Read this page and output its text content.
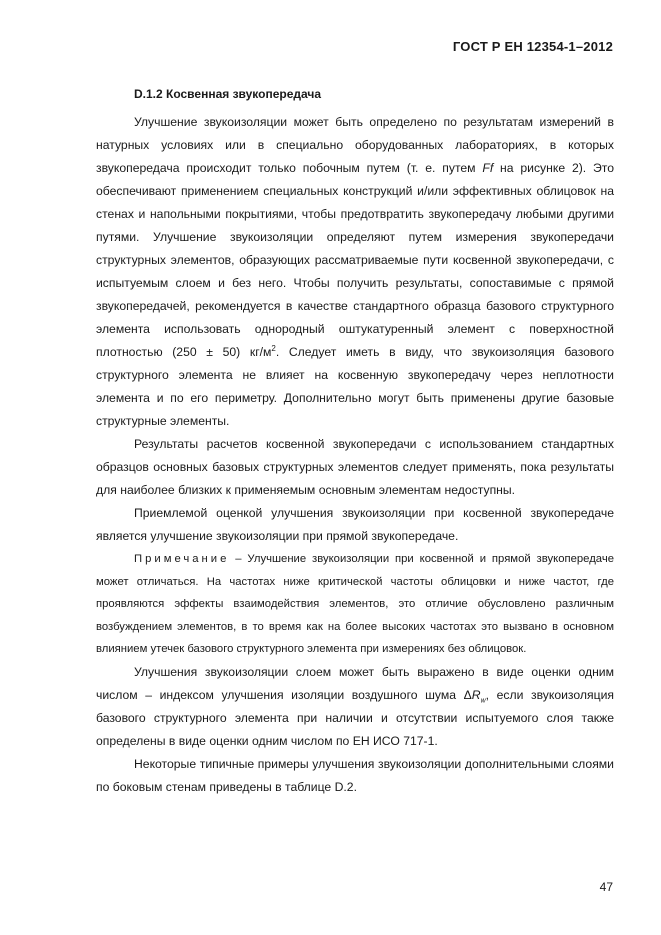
ГОСТ Р ЕН 12354-1–2012
D.1.2 Косвенная звукопередача

Улучшение звукоизоляции может быть определено по результатам измерений в натурных условиях или в специально оборудованных лабораториях, в которых звукопередача происходит только побочным путем (т. е. путем Ff на рисунке 2). Это обеспечивают применением специальных конструкций и/или эффективных облицовок на стенах и напольными покрытиями, чтобы предотвратить звукопередачу любыми другими путями. Улучшение звукоизоляции определяют путем измерения звукопередачи структурных элементов, образующих рассматриваемые пути косвенной звукопередачи, с испытуемым слоем и без него. Чтобы получить результаты, сопоставимые с прямой звукопередачей, рекомендуется в качестве стандартного образца базового структурного элемента использовать однородный оштукатуренный элемент с поверхностной плотностью (250 ± 50) $кг/м^2$. Следует иметь в виду, что звукоизоляция базового структурного элемента не влияет на косвенную звукопередачу через неплотности элемента и по его периметру. Дополнительно могут быть применены другие базовые структурные элементы.

Результаты расчетов косвенной звукопередачи с использованием стандартных образцов основных базовых структурных элементов следует применять, пока результаты для наиболее близких к применяемым основным элементам недоступны.

Приемлемой оценкой улучшения звукоизоляции при косвенной звукопередаче является улучшение звукоизоляции при прямой звукопередаче.

Примечание – Улучшение звукоизоляции при косвенной и прямой звукопередаче может отличаться. На частотах ниже критической частоты облицовки и ниже частот, где проявляются эффекты взаимодействия элементов, это отличие обусловлено различным возбуждением элементов, в то время как на более высоких частотах это вызвано в основном влиянием утечек базового структурного элемента при измерениях без облицовок.

Улучшения звукоизоляции слоем может быть выражено в виде оценки одним числом – индексом улучшения изоляции воздушного шума $\Delta R_w$, если звукоизоляция базового структурного элемента при наличии и отсутствии испытуемого слоя также определены в виде оценки одним числом по ЕН ИСО 717-1.

Некоторые типичные примеры улучшения звукоизоляции дополнительными слоями по боковым стенам приведены в таблице D.2.

47
